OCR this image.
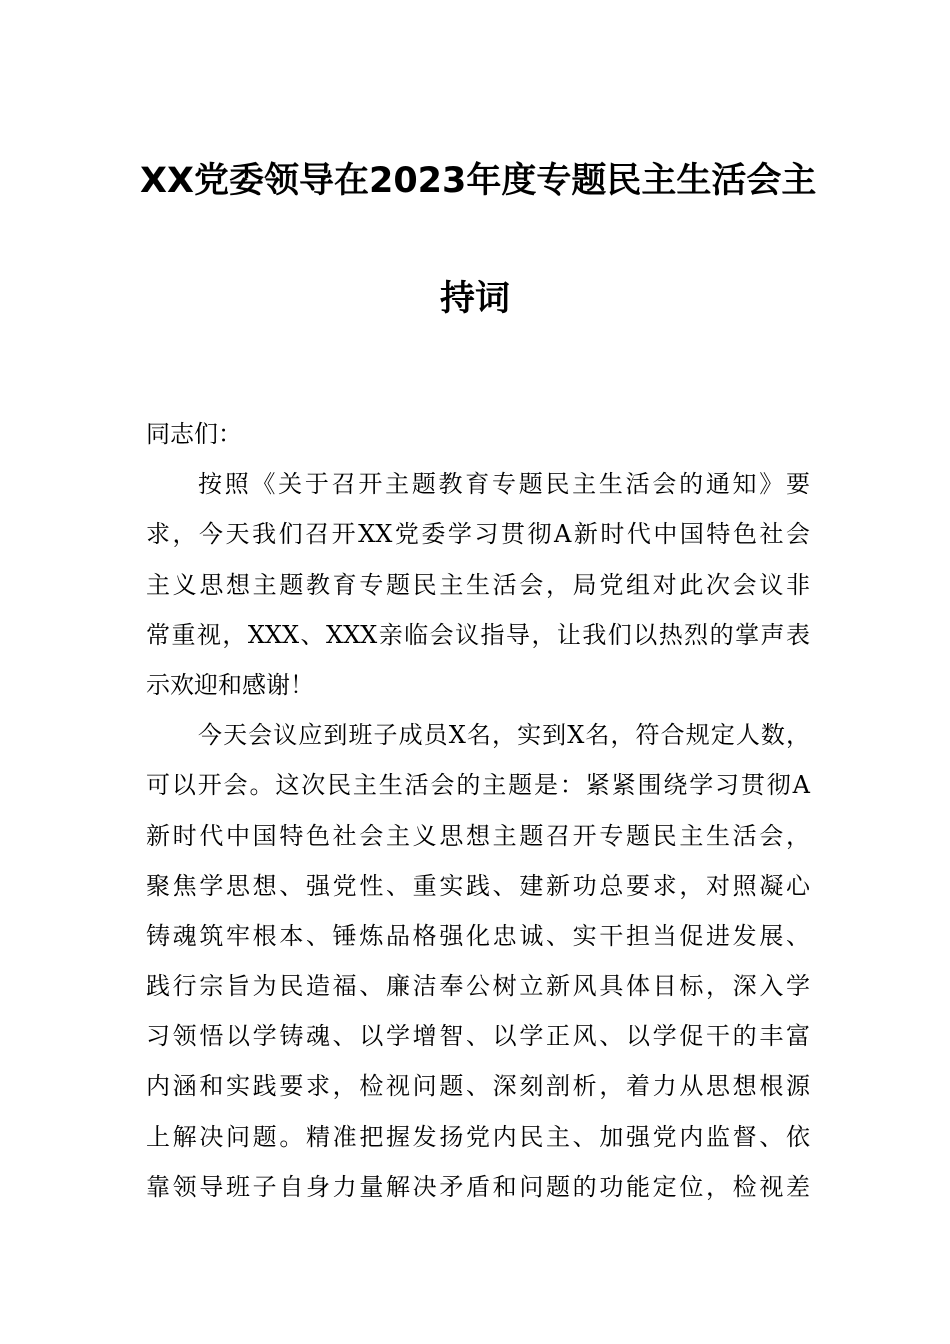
XX党委领导在2023年度专题民主生活会主
持词
同志们：
按照《关于召开主题教育专题民主生活会的通知》要
求，今天我们召开XX党委学习贯彻A新时代中国特色社会
主义思想主题教育专题民主生活会，局党组对此次会议非
常重视，XXX、XXX亲临会议指导，让我们以热烈的掌声表
示欢迎和感谢！
今天会议应到班子成员X名，实到X名，符合规定人数，
可以开会。这次民主生活会的主题是：紧紧围绕学习贯彻A
新时代中国特色社会主义思想主题召开专题民主生活会，
聚焦学思想、强党性、重实践、建新功总要求，对照凝心
铸魂筑牢根本、锤炼品格强化忠诚、实干担当促进发展、
践行宗旨为民造福、廉洁奉公树立新风具体目标，深入学
习领悟以学铸魂、以学增智、以学正风、以学促干的丰富
内涵和实践要求，检视问题、深刻剖析，着力从思想根源
上解决问题。精准把握发扬党内民主、加强党内监督、依
靠领导班子自身力量解决矛盾和问题的功能定位，检视差
